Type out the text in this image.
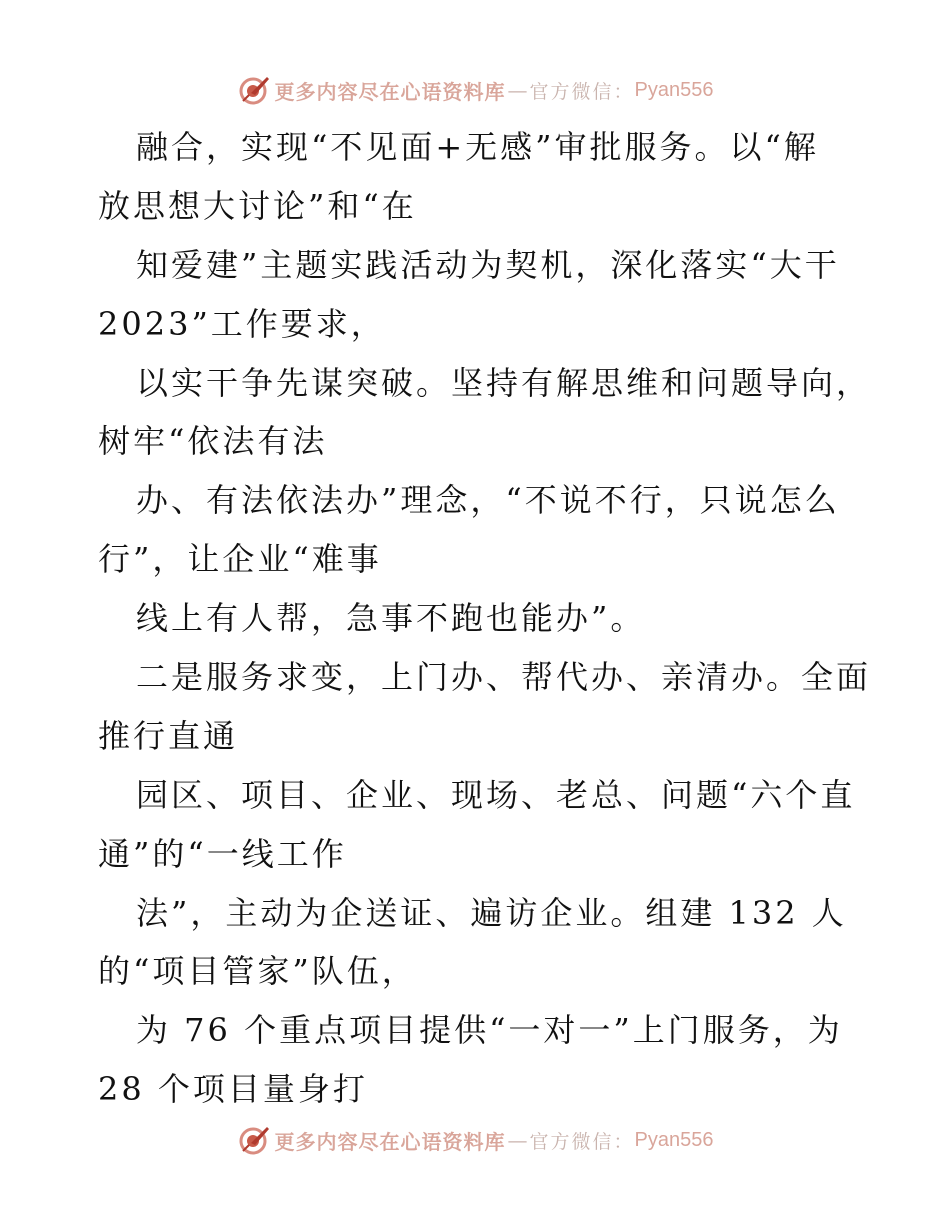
更多内容尽在心语资料库 — 官方微信： Pyan556
融合，实现“不见面+无感”审批服务。以“解
放思想大讨论”和“在
知爱建”主题实践活动为契机，深化落实“大干
2023”工作要求，
以实干争先谋突破。坚持有解思维和问题导向，
树牢“依法有法
办、有法依法办”理念，“不说不行，只说怎么
行”，让企业“难事
线上有人帮，急事不跑也能办”。
二是服务求变，上门办、帮代办、亲清办。全面
推行直通
园区、项目、企业、现场、老总、问题“六个直
通”的“一线工作
法”，主动为企送证、遍访企业。组建 132 人
的“项目管家”队伍，
为 76 个重点项目提供“一对一”上门服务，为
28 个项目量身打
更多内容尽在心语资料库 — 官方微信： Pyan556
